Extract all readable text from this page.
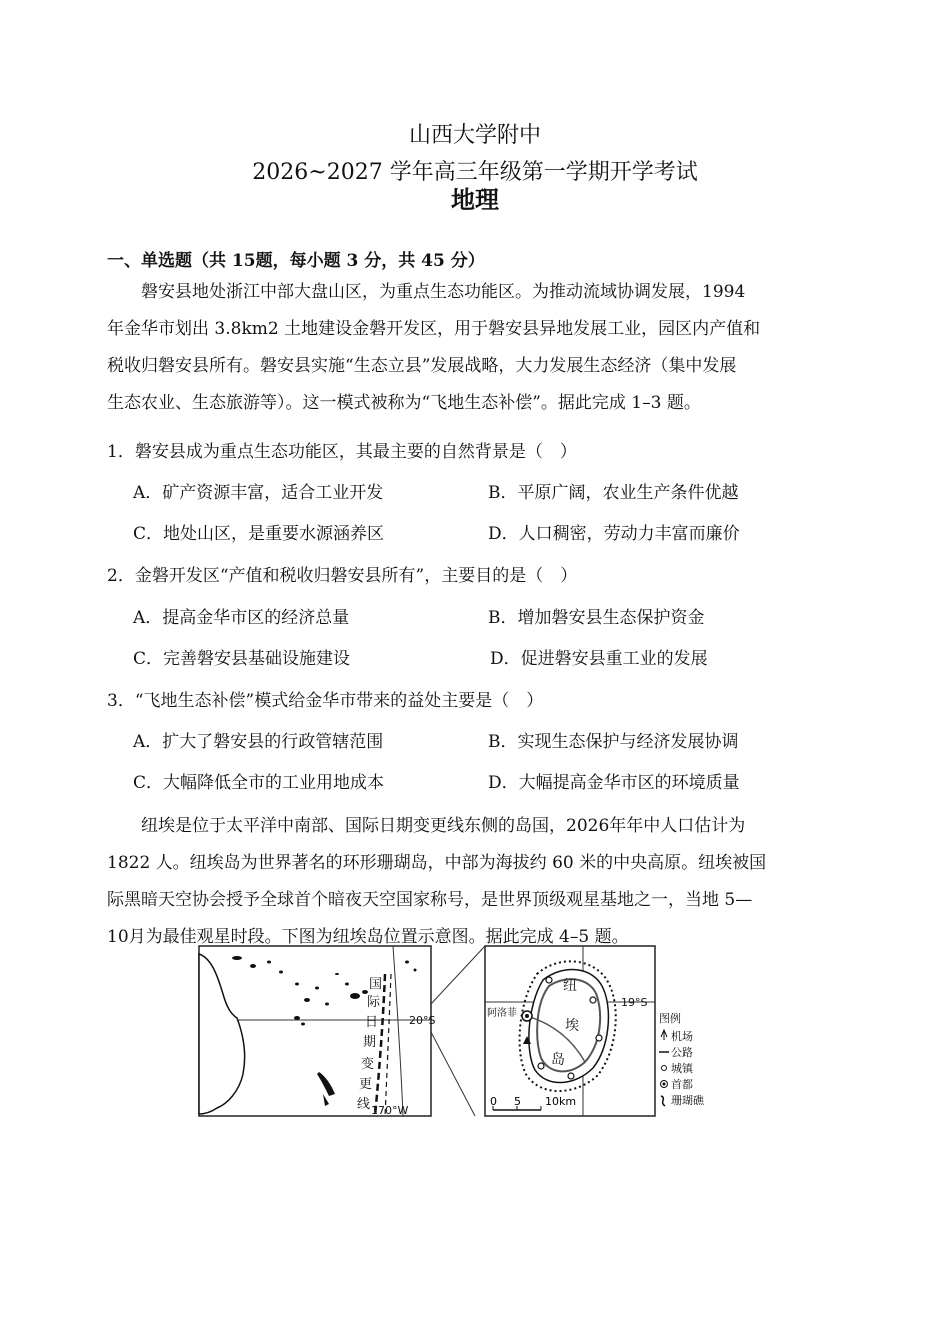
山西大学附中
2026~2027 学年高三年级第一学期开学考试
地理
一、单选题（共 15题，每小题 3 分，共 45 分）
　　磐安县地处浙江中部大盘山区，为重点生态功能区。为推动流域协调发展，1994
年金华市划出 3.8km2 土地建设金磐开发区，用于磐安县异地发展工业，园区内产值和
税收归磐安县所有。磐安县实施“生态立县”发展战略，大力发展生态经济（集中发展
生态农业、生态旅游等）。这一模式被称为“飞地生态补偿”。据此完成 1–3 题。
1．磐安县成为重点生态功能区，其最主要的自然背景是（　）
A．矿产资源丰富，适合工业开发	B．平原广阔，农业生产条件优越
C．地处山区，是重要水源涵养区	D．人口稠密，劳动力丰富而廉价
2．金磐开发区“产值和税收归磐安县所有”，主要目的是（　）
A．提高金华市区的经济总量	B．增加磐安县生态保护资金
C．完善磐安县基础设施建设	D．促进磐安县重工业的发展
3．“飞地生态补偿”模式给金华市带来的益处主要是（　）
A．扩大了磐安县的行政管辖范围	B．实现生态保护与经济发展协调
C．大幅降低全市的工业用地成本	D．大幅提高金华市区的环境质量
　　纽埃是位于太平洋中南部、国际日期变更线东侧的岛国，2026年年中人口估计为
1822 人。纽埃岛为世界著名的环形珊瑚岛，中部为海拔约 60 米的中央高原。纽埃被国
际黑暗天空协会授予全球首个暗夜天空国家称号，是世界顶级观星基地之一，当地 5—
10月为最佳观星时段。下图为纽埃岛位置示意图。据此完成 4–5 题。
国
际
日
期
变
更
线
20°S
170°W
阿洛菲
纽
埃
岛
19°S
0 5 10km
图例
机场
公路
城镇
首都
珊瑚礁
